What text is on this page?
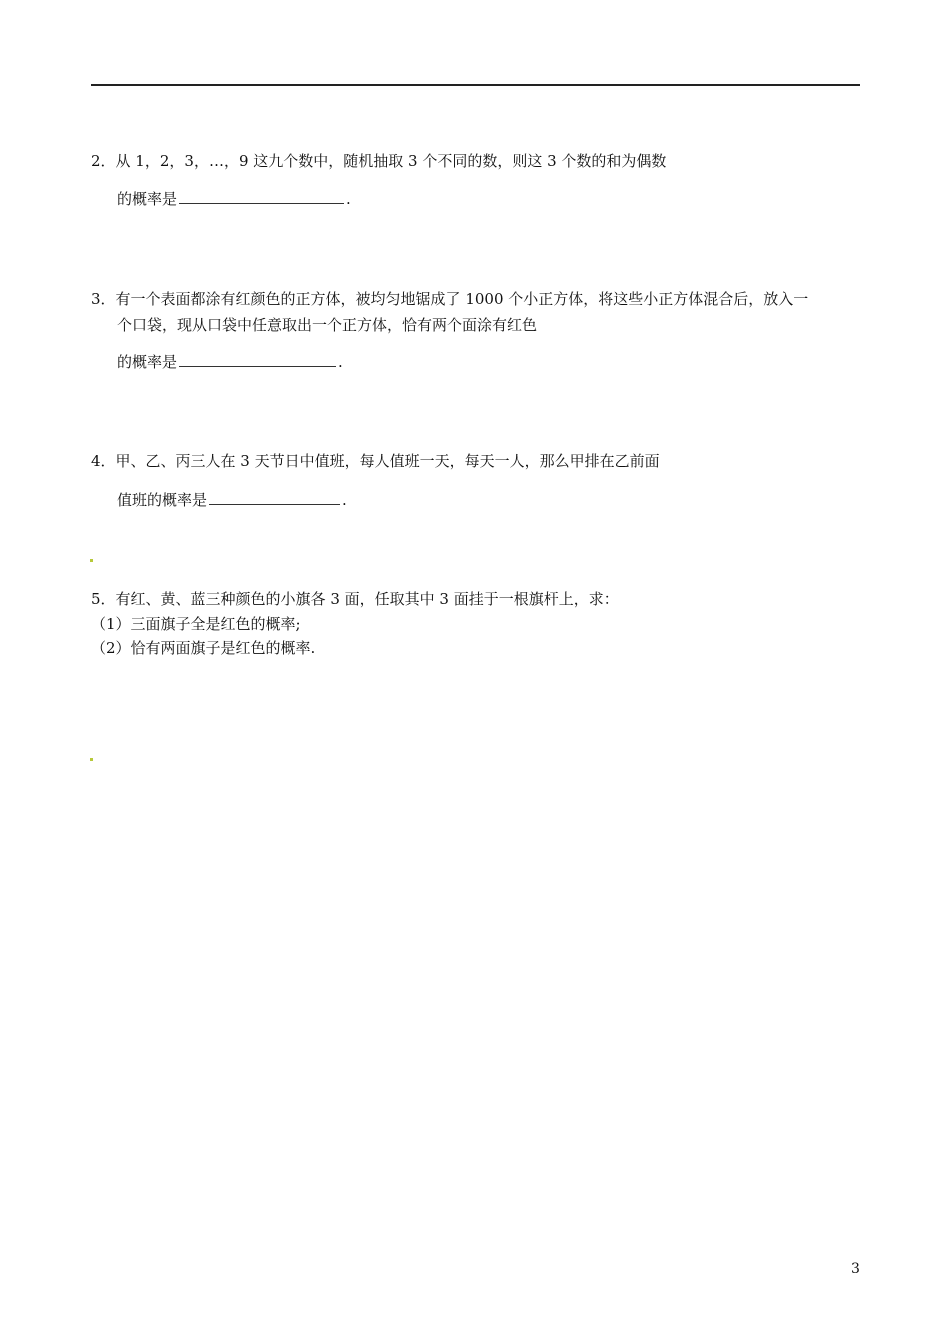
2．从 1，2，3，…，9 这九个数中，随机抽取 3 个不同的数，则这 3 个数的和为偶数
的概率是	.
3．有一个表面都涂有红颜色的正方体，被均匀地锯成了 1000 个小正方体，将这些小正方体混合后，放入一
个口袋，现从口袋中任意取出一个正方体，恰有两个面涂有红色
的概率是	.
4．甲、乙、丙三人在 3 天节日中值班，每人值班一天，每天一人，那么甲排在乙前面
值班的概率是	.
5．有红、黄、蓝三种颜色的小旗各 3 面，任取其中 3 面挂于一根旗杆上，求：
（1）三面旗子全是红色的概率;
（2）恰有两面旗子是红色的概率.
3
